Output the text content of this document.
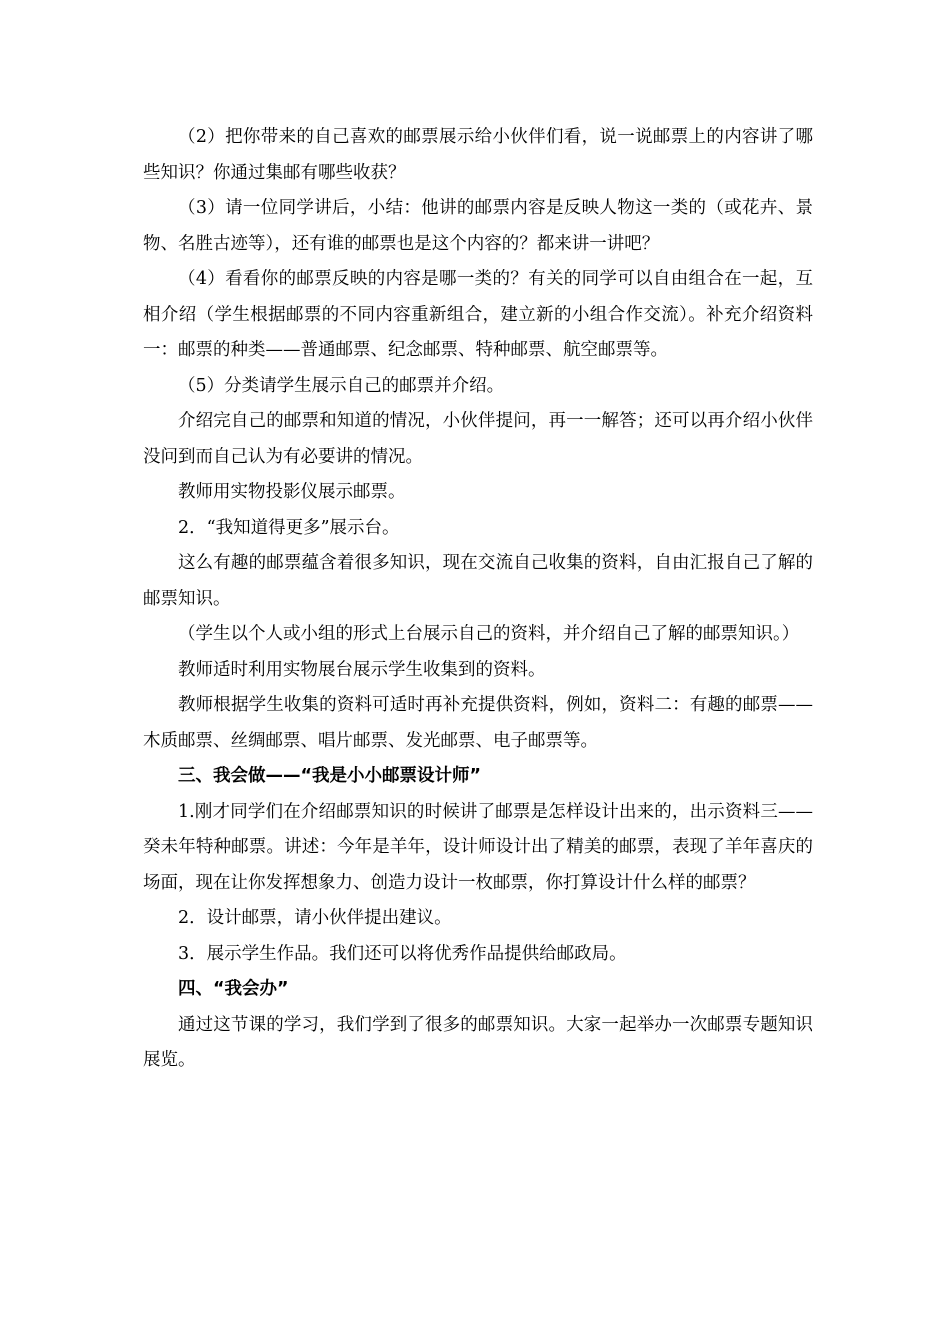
（2）把你带来的自己喜欢的邮票展示给小伙伴们看，说一说邮票上的内容讲了哪些知识？你通过集邮有哪些收获？

（3）请一位同学讲后，小结：他讲的邮票内容是反映人物这一类的（或花卉、景物、名胜古迹等），还有谁的邮票也是这个内容的？都来讲一讲吧？

（4）看看你的邮票反映的内容是哪一类的？有关的同学可以自由组合在一起，互相介绍（学生根据邮票的不同内容重新组合，建立新的小组合作交流）。补充介绍资料一：邮票的种类——普通邮票、纪念邮票、特种邮票、航空邮票等。

（5）分类请学生展示自己的邮票并介绍。

介绍完自己的邮票和知道的情况，小伙伴提问，再一一解答；还可以再介绍小伙伴没问到而自己认为有必要讲的情况。

教师用实物投影仪展示邮票。

2．“我知道得更多”展示台。

这么有趣的邮票蕴含着很多知识，现在交流自己收集的资料，自由汇报自己了解的邮票知识。

（学生以个人或小组的形式上台展示自己的资料，并介绍自己了解的邮票知识。）

教师适时利用实物展台展示学生收集到的资料。

教师根据学生收集的资料可适时再补充提供资料，例如，资料二：有趣的邮票——木质邮票、丝绸邮票、唱片邮票、发光邮票、电子邮票等。

三、我会做——“我是小小邮票设计师”

1.刚才同学们在介绍邮票知识的时候讲了邮票是怎样设计出来的，出示资料三——癸未年特种邮票。讲述：今年是羊年，设计师设计出了精美的邮票，表现了羊年喜庆的场面，现在让你发挥想象力、创造力设计一枚邮票，你打算设计什么样的邮票？

2．设计邮票，请小伙伴提出建议。

3．展示学生作品。我们还可以将优秀作品提供给邮政局。

四、“我会办”

通过这节课的学习，我们学到了很多的邮票知识。大家一起举办一次邮票专题知识展览。
